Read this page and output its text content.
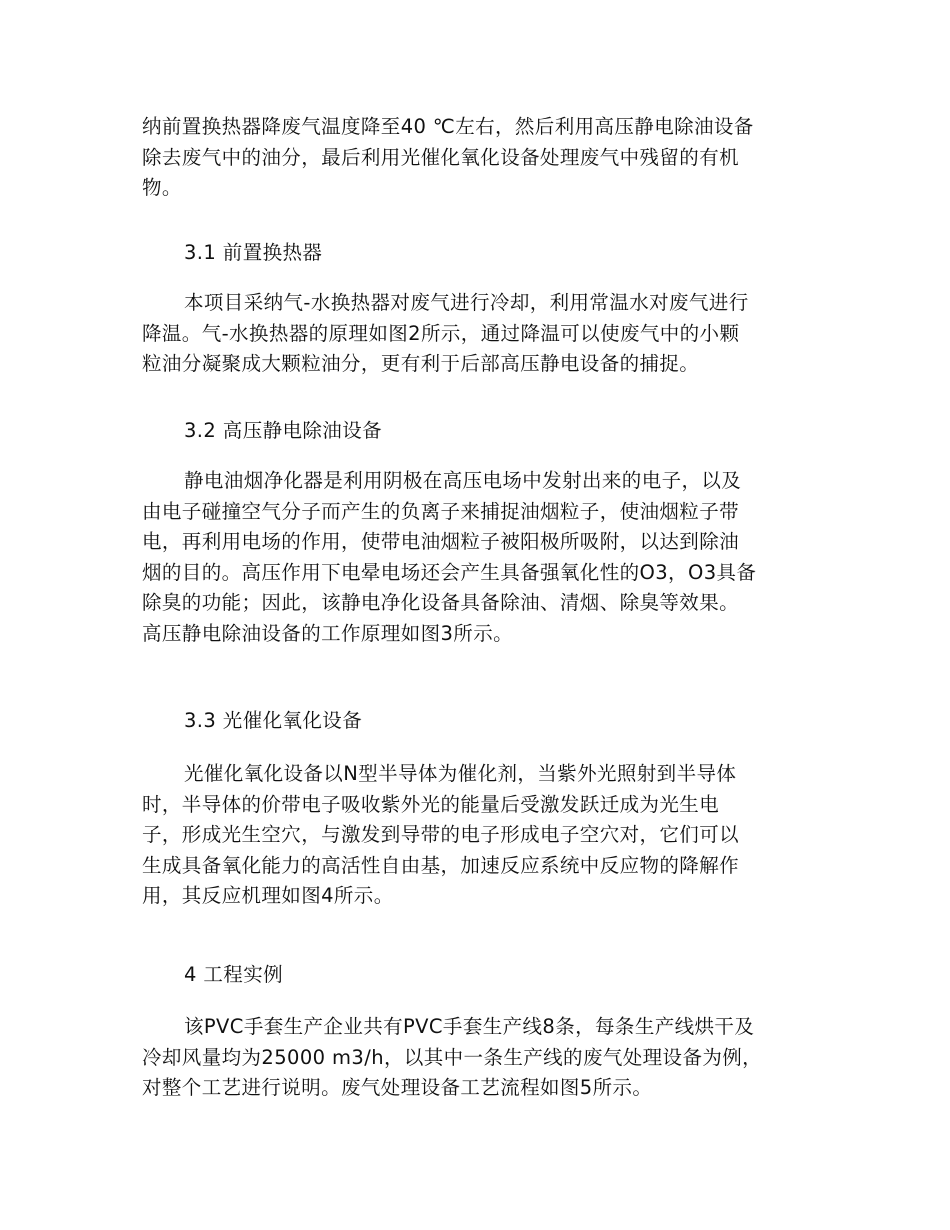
纳前置换热器降废气温度降至40 ℃左右，然后利用高压静电除油设备
除去废气中的油分，最后利用光催化氧化设备处理废气中残留的有机
物。
3.1 前置换热器
本项目采纳气-水换热器对废气进行冷却，利用常温水对废气进行
降温。气-水换热器的原理如图2所示，通过降温可以使废气中的小颗
粒油分凝聚成大颗粒油分，更有利于后部高压静电设备的捕捉。
3.2 高压静电除油设备
静电油烟净化器是利用阴极在高压电场中发射出来的电子，以及
由电子碰撞空气分子而产生的负离子来捕捉油烟粒子，使油烟粒子带
电，再利用电场的作用，使带电油烟粒子被阳极所吸附，以达到除油
烟的目的。高压作用下电晕电场还会产生具备强氧化性的O3，O3具备
除臭的功能；因此，该静电净化设备具备除油、清烟、除臭等效果。
高压静电除油设备的工作原理如图3所示。
3.3 光催化氧化设备
光催化氧化设备以N型半导体为催化剂，当紫外光照射到半导体
时，半导体的价带电子吸收紫外光的能量后受激发跃迁成为光生电
子，形成光生空穴，与激发到导带的电子形成电子空穴对，它们可以
生成具备氧化能力的高活性自由基，加速反应系统中反应物的降解作
用，其反应机理如图4所示。
4 工程实例
该PVC手套生产企业共有PVC手套生产线8条，每条生产线烘干及
冷却风量均为25000 m3/h，以其中一条生产线的废气处理设备为例，
对整个工艺进行说明。废气处理设备工艺流程如图5所示。
